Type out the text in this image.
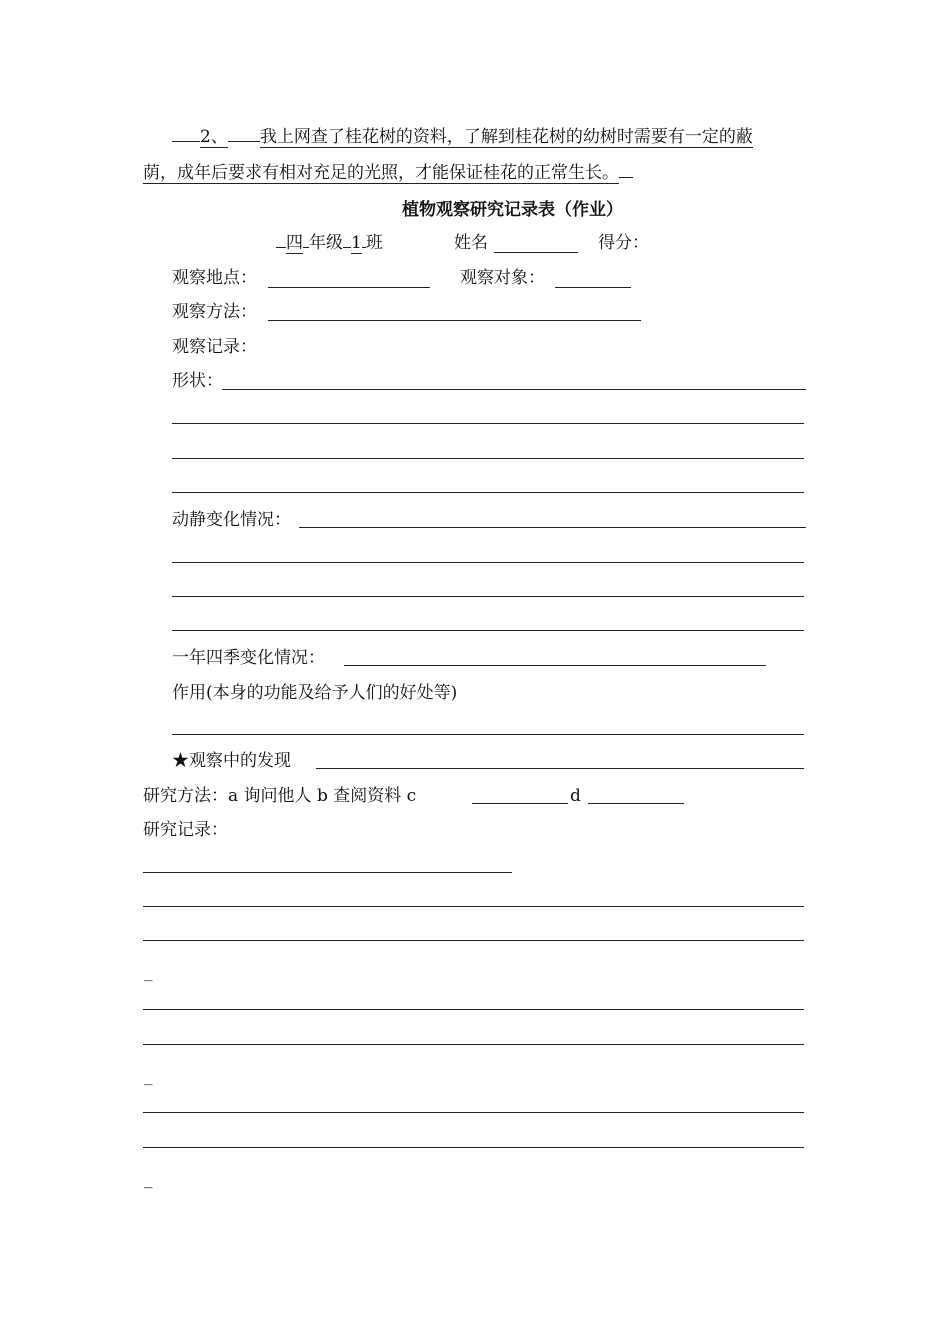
2、 我上网查了桂花树的资料，了解到桂花树的幼树时需要有一定的蔽
荫，成年后要求有相对充足的光照，才能保证桂花的正常生长。
植物观察研究记录表（作业）
四 年级 1 班	姓名	得分：
观察地点：	观察对象：
观察方法：
观察记录：
形状：
动静变化情况：
一年四季变化情况：
作用(本身的功能及给予人们的好处等)
★观察中的发现
研究方法：a 询问他人 b 查阅资料 c	d
研究记录：
_
_
_
